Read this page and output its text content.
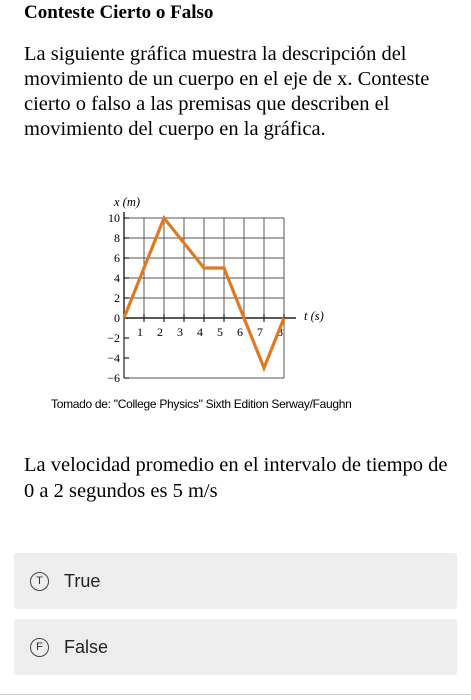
Conteste Cierto o Falso
La siguiente gráfica muestra la descripción del movimiento de un cuerpo en el eje de x. Conteste cierto o falso a las premisas que describen el movimiento del cuerpo en la gráfica.
10
8
6
4
2
0
−2
−4
−6
1 2 3 4 5 6 7 8
x (m)
t (s)
Tomado de: "College Physics" Sixth Edition Serway/Faughn
La velocidad promedio en el intervalo de tiempo de 0 a 2 segundos es 5 m/s
T	True
F	False
